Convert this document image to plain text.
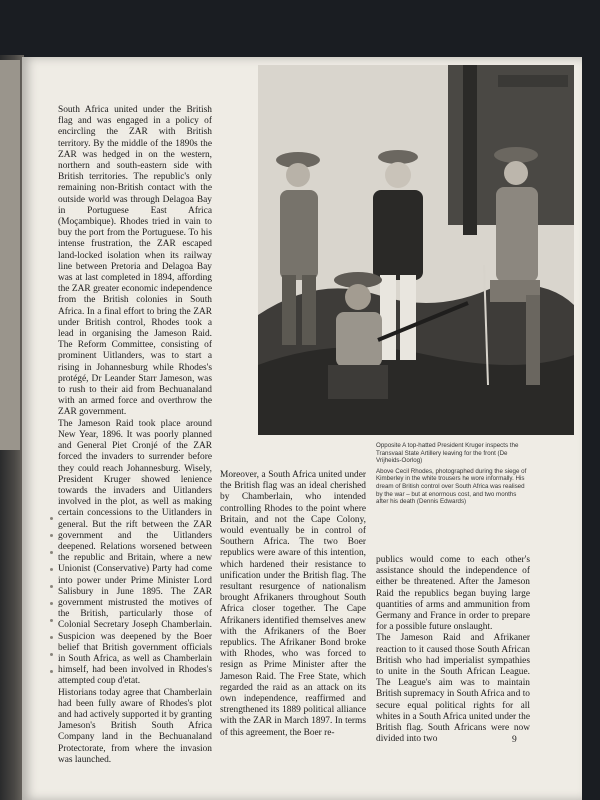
South Africa united under the British flag and was engaged in a policy of encircling the ZAR with British territory. By the middle of the 1890s the ZAR was hedged in on the western, northern and south-eastern side with British territories. The republic's only remaining non-British contact with the outside world was through Delagoa Bay in Portuguese East Africa (Moçambique). Rhodes tried in vain to buy the port from the Portuguese. To his intense frustration, the ZAR escaped land-locked isolation when its railway line between Pretoria and Delagoa Bay was at last completed in 1894, affording the ZAR greater economic independence from the British colonies in South Africa. In a final effort to bring the ZAR under British control, Rhodes took a lead in organising the Jameson Raid. The Reform Committee, consisting of prominent Uitlanders, was to start a rising in Johannesburg while Rhodes's protégé, Dr Leander Starr Jameson, was to rush to their aid from Bechuanaland with an armed force and overthrow the ZAR government.

The Jameson Raid took place around New Year, 1896. It was poorly planned and General Piet Cronjé of the ZAR forced the invaders to surrender before they could reach Johannesburg. Wisely, President Kruger showed lenience towards the invaders and Uitlanders involved in the plot, as well as making certain concessions to the Uitlanders in general. But the rift between the ZAR government and the Uitlanders deepened. Relations worsened between the republic and Britain, where a new Unionist (Conservative) Party had come into power under Prime Minister Lord Salisbury in June 1895. The ZAR government mistrusted the motives of the British, particularly those of Colonial Secretary Joseph Chamberlain. Suspicion was deepened by the Boer belief that British government officials in South Africa, as well as Chamberlain himself, had been involved in Rhodes's attempted coup d'etat.

Historians today agree that Chamberlain had been fully aware of Rhodes's plot and had actively supported it by granting Jameson's British South Africa Company land in the Bechuanaland Protectorate, from where the invasion was launched.

Opposite A top-hatted President Kruger inspects the Transvaal State Artillery leaving for the front (De Vrijheids-Oorlog)

Above Cecil Rhodes, photographed during the siege of Kimberley in the white trousers he wore informally. His dream of British control over South Africa was realised by the war – but at enormous cost, and two months after his death (Dennis Edwards)

Moreover, a South Africa united under the British flag was an ideal cherished by Chamberlain, who intended controlling Rhodes to the point where Britain, and not the Cape Colony, would eventually be in control of Southern Africa. The two Boer republics were aware of this intention, which hardened their resistance to unification under the British flag. The resultant resurgence of nationalism brought Afrikaners throughout South Africa closer together. The Cape Afrikaners identified themselves anew with the Afrikaners of the Boer republics. The Afrikaner Bond broke with Rhodes, who was forced to resign as Prime Minister after the Jameson Raid. The Free State, which regarded the raid as an attack on its own independence, reaffirmed and strengthened its 1889 political alliance with the ZAR in March 1897. In terms of this agreement, the Boer re-

publics would come to each other's assistance should the independence of either be threatened. After the Jameson Raid the republics began buying large quantities of arms and ammunition from Germany and France in order to prepare for a possible future onslaught.

The Jameson Raid and Afrikaner reaction to it caused those South African British who had imperialist sympathies to unite in the South African League. The League's aim was to maintain British supremacy in South Africa and to secure equal political rights for all whites in a South Africa united under the British flag. South Africans were now divided into two	9
